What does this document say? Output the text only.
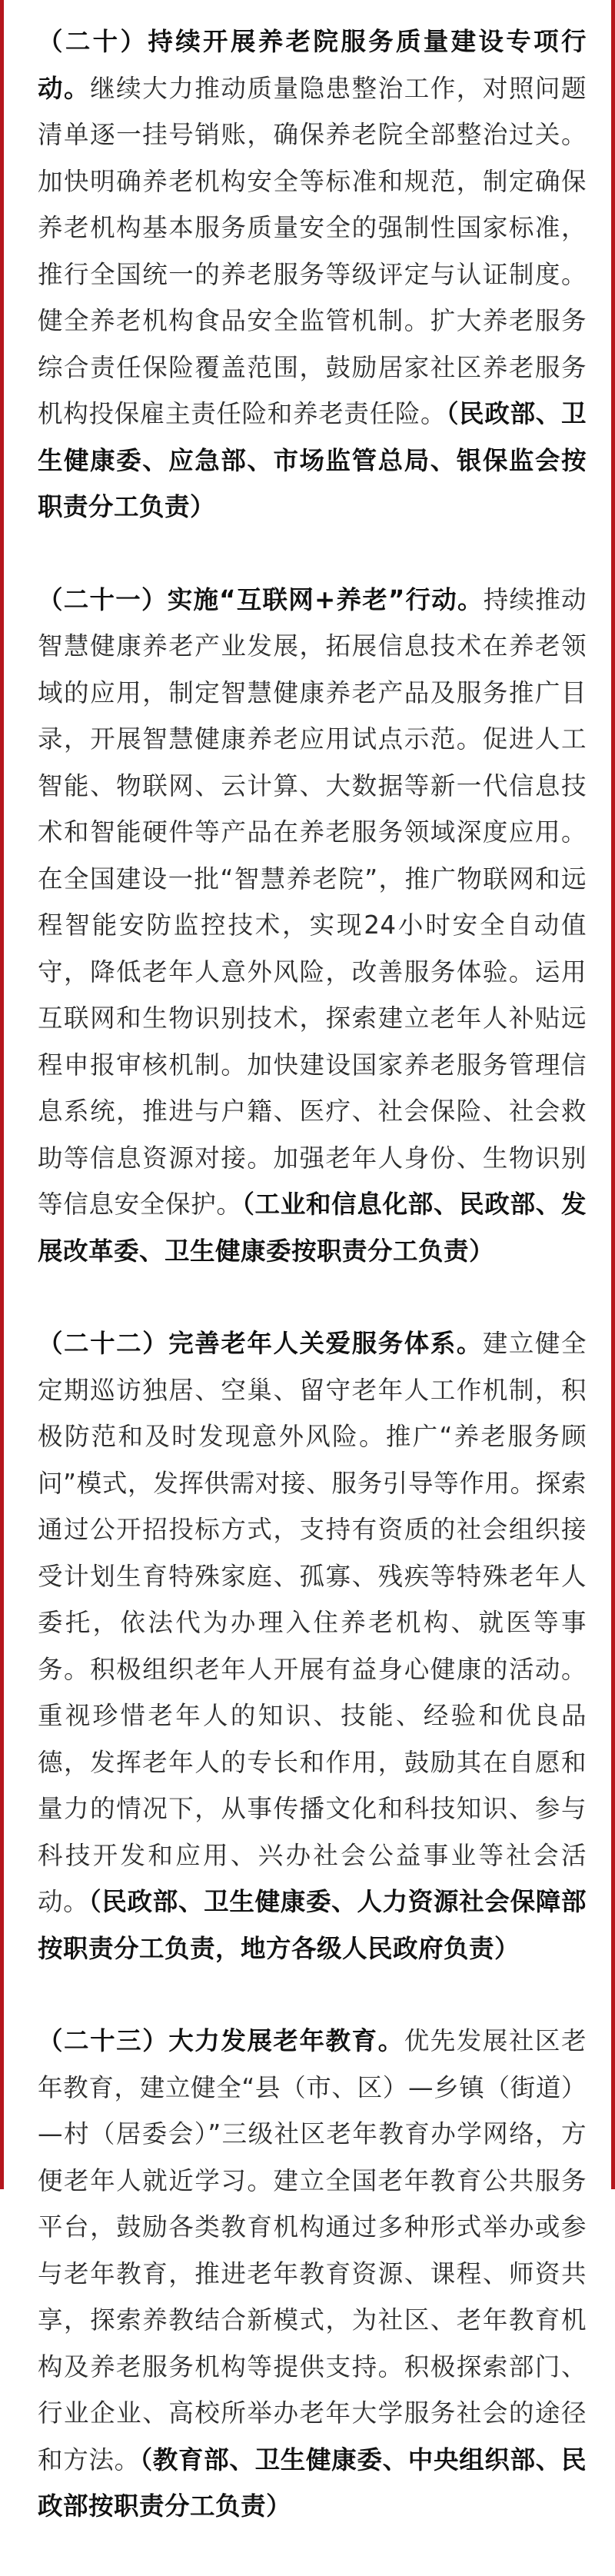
（二十）持续开展养老院服务质量建设专项行动。继续大力推动质量隐患整治工作，对照问题清单逐一挂号销账，确保养老院全部整治过关。加快明确养老机构安全等标准和规范，制定确保养老机构基本服务质量安全的强制性国家标准，推行全国统一的养老服务等级评定与认证制度。健全养老机构食品安全监管机制。扩大养老服务综合责任保险覆盖范围，鼓励居家社区养老服务机构投保雇主责任险和养老责任险。（民政部、卫生健康委、应急部、市场监管总局、银保监会按职责分工负责）

（二十一）实施“互联网+养老”行动。持续推动智慧健康养老产业发展，拓展信息技术在养老领域的应用，制定智慧健康养老产品及服务推广目录，开展智慧健康养老应用试点示范。促进人工智能、物联网、云计算、大数据等新一代信息技术和智能硬件等产品在养老服务领域深度应用。在全国建设一批“智慧养老院”，推广物联网和远程智能安防监控技术，实现24小时安全自动值守，降低老年人意外风险，改善服务体验。运用互联网和生物识别技术，探索建立老年人补贴远程申报审核机制。加快建设国家养老服务管理信息系统，推进与户籍、医疗、社会保险、社会救助等信息资源对接。加强老年人身份、生物识别等信息安全保护。（工业和信息化部、民政部、发展改革委、卫生健康委按职责分工负责）

（二十二）完善老年人关爱服务体系。建立健全定期巡访独居、空巢、留守老年人工作机制，积极防范和及时发现意外风险。推广“养老服务顾问”模式，发挥供需对接、服务引导等作用。探索通过公开招投标方式，支持有资质的社会组织接受计划生育特殊家庭、孤寡、残疾等特殊老年人委托，依法代为办理入住养老机构、就医等事务。积极组织老年人开展有益身心健康的活动。重视珍惜老年人的知识、技能、经验和优良品德，发挥老年人的专长和作用，鼓励其在自愿和量力的情况下，从事传播文化和科技知识、参与科技开发和应用、兴办社会公益事业等社会活动。（民政部、卫生健康委、人力资源社会保障部按职责分工负责，地方各级人民政府负责）

（二十三）大力发展老年教育。优先发展社区老年教育，建立健全“县（市、区）—乡镇（街道）—村（居委会）”三级社区老年教育办学网络，方便老年人就近学习。建立全国老年教育公共服务平台，鼓励各类教育机构通过多种形式举办或参与老年教育，推进老年教育资源、课程、师资共享，探索养教结合新模式，为社区、老年教育机构及养老服务机构等提供支持。积极探索部门、行业企业、高校所举办老年大学服务社会的途径和方法。（教育部、卫生健康委、中央组织部、民政部按职责分工负责）
